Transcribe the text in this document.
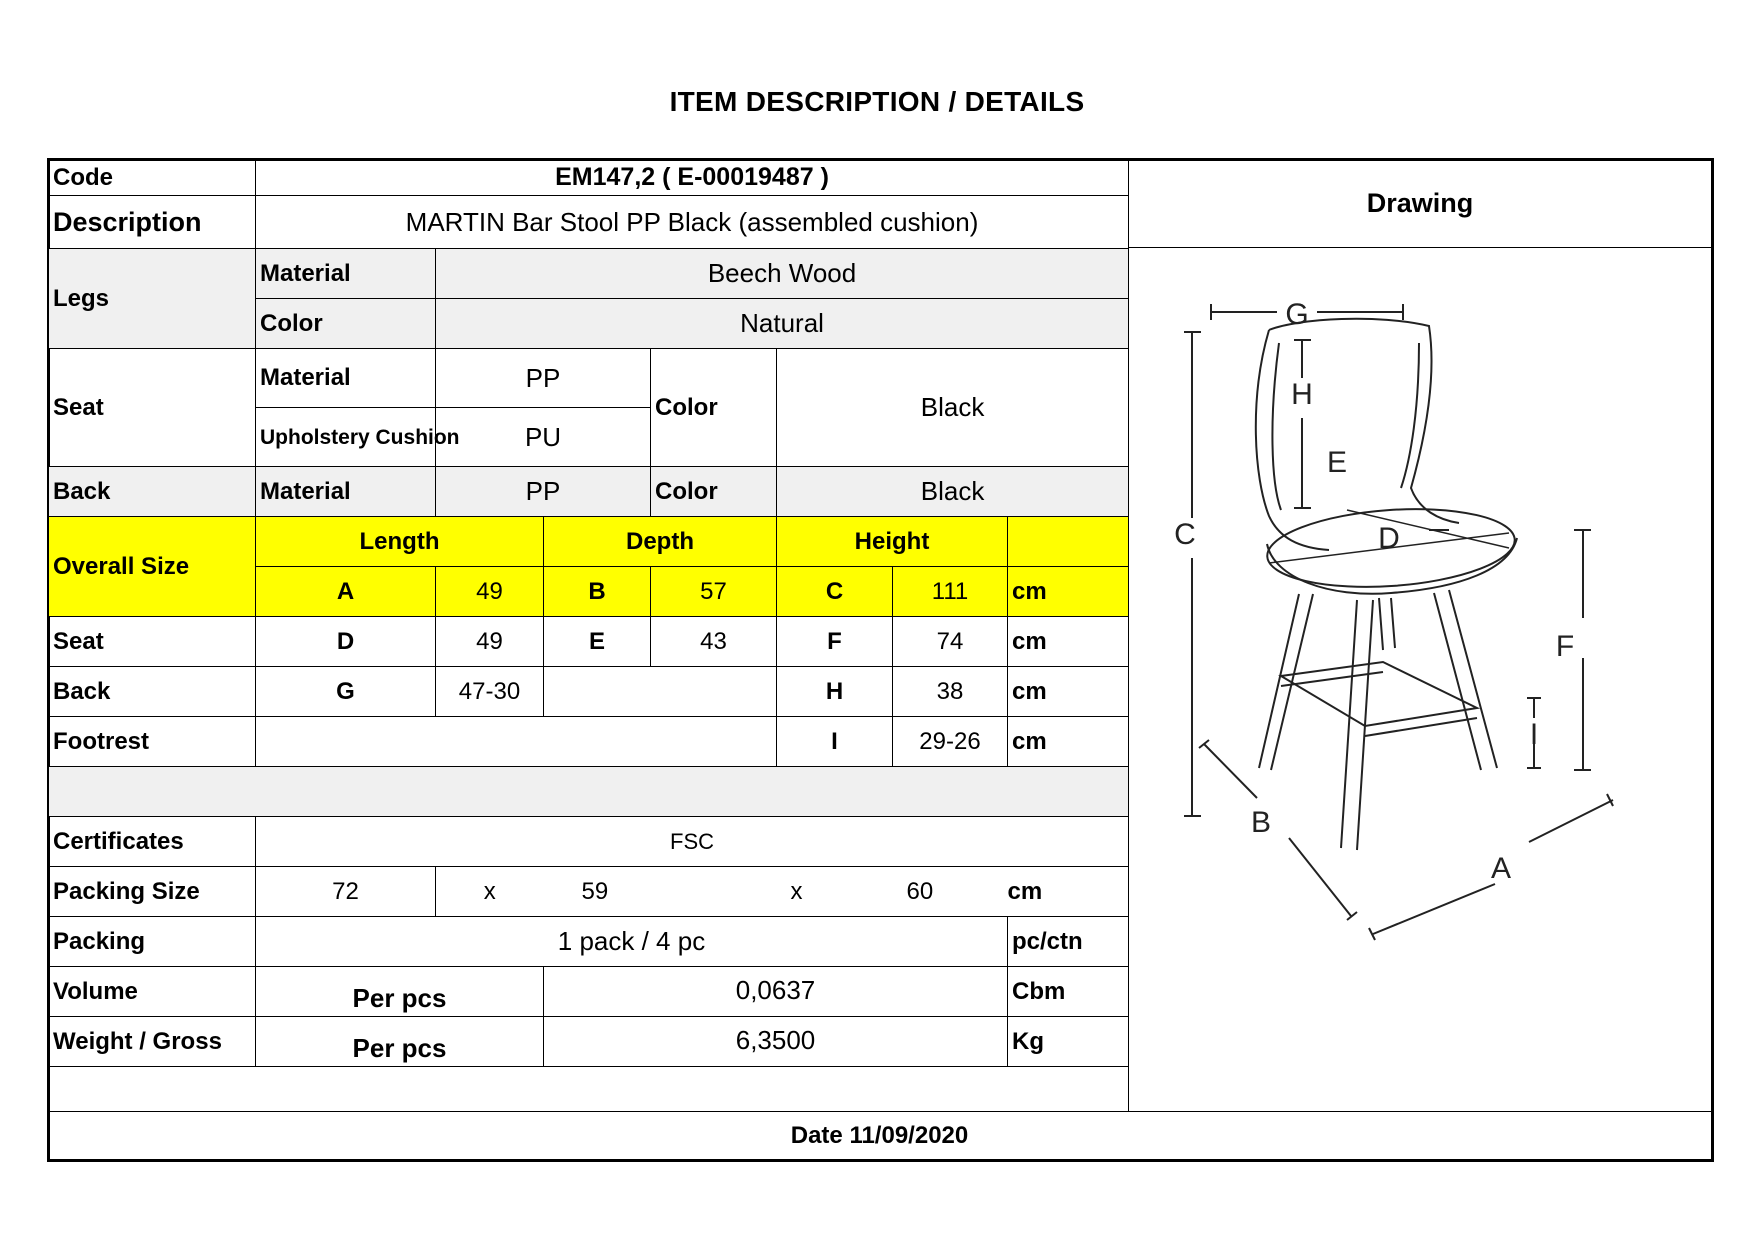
ITEM DESCRIPTION / DETAILS
Code	EM147,2 ( E-00019487 )						
Description	MARTIN Bar Stool PP Black (assembled cushion)						
Legs	Material	Beech Wood					
	Color	Natural					
Seat	Material	PP		Color	Black		
	Upholstery Cushion	PU					
Back	Material	PP		Color	Black		
Overall Size	Length		Depth		Height		
	A	49	B	57	C	111	cm
Seat	D	49	E	43	F	74	cm
Back	G	47-30			H	38	cm
Footrest					I	29-26	cm

Certificates	FSC						
Packing Size	72	x	59		x	60	cm
Packing	1 pack / 4 pc						pc/ctn
Volume	Per pcs		0,0637				Cbm
Weight / Gross	Per pcs		6,3500				Kg
Drawing
G
H
E
D
C
F
I
B
A
Date 11/09/2020
